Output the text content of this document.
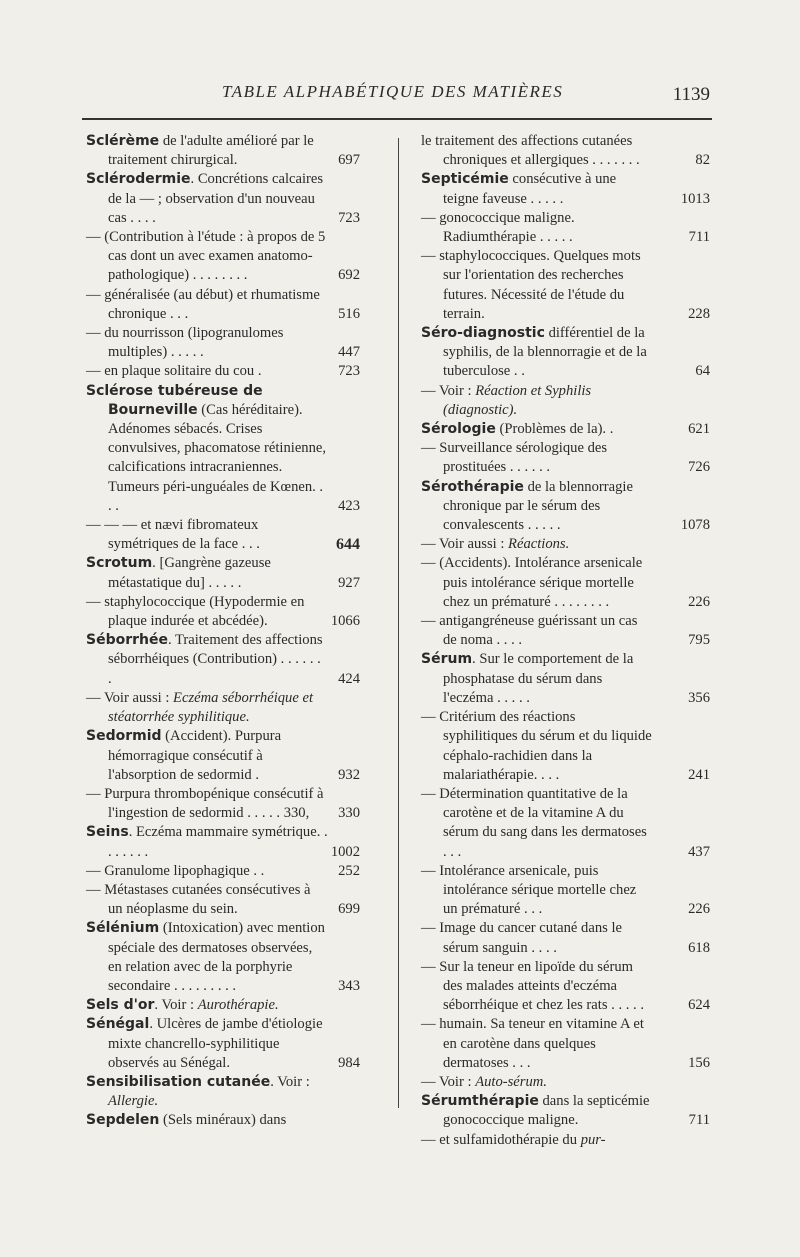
TABLE ALPHABÉTIQUE DES MATIÈRES	1139
Sclérème de l'adulte amélioré par le traitement chirurgical.	697
Sclérodermie. Concrétions calcaires de la — ; observation d'un nouveau cas . . . .	723
— (Contribution à l'étude : à propos de 5 cas dont un avec examen anatomo-pathologique) . . . . . . . .	692
— généralisée (au début) et rhumatisme chronique . . .	516
— du nourrisson (lipogranulomes multiples) . . . . .	447
— en plaque solitaire du cou .	723
Sclérose tubéreuse de Bourneville (Cas héréditaire). Adénomes sébacés. Crises convulsives, phacomatose rétinienne, calcifications intracraniennes. Tumeurs péri-unguéales de Kœnen. . . .	423
— — — et nævi fibromateux symétriques de la face . . .	644
Scrotum. [Gangrène gazeuse métastatique du] . . . . .	927
— staphylococcique (Hypodermie en plaque indurée et abcédée).	1066
Séborrhée. Traitement des affections séborrhéiques (Contribution) . . . . . . .	424
— Voir aussi : Eczéma séborrhéique et stéatorrhée syphilitique.
Sedormid (Accident). Purpura hémorragique consécutif à l'absorption de sedormid .	932
— Purpura thrombopénique consécutif à l'ingestion de sedormid . . . . . 330, 330
Seins. Eczéma mammaire symétrique. . . . . . . .	1002
— Granulome lipophagique . .	252
— Métastases cutanées consécutives à un néoplasme du sein.	699
Sélénium (Intoxication) avec mention spéciale des dermatoses observées, en relation avec de la porphyrie secondaire . . . . . . . . .	343
Sels d'or. Voir : Aurothérapie.
Sénégal. Ulcères de jambe d'étiologie mixte chancrello-syphilitique observés au Sénégal.	984
Sensibilisation cutanée. Voir : Allergie.
Sepdelen (Sels minéraux) dans
le traitement des affections cutanées chroniques et allergiques . . . . . . .	82
Septicémie consécutive à une teigne faveuse . . . . .	1013
— gonococcique maligne. Radiumthérapie . . . . .	711
— staphylococciques. Quelques mots sur l'orientation des recherches futures. Nécessité de l'étude du terrain.	228
Séro-diagnostic différentiel de la syphilis, de la blennorragie et de la tuberculose . .	64
— Voir : Réaction et Syphilis (diagnostic).
Sérologie (Problèmes de la). .	621
— Surveillance sérologique des prostituées . . . . . .	726
Sérothérapie de la blennorragie chronique par le sérum des convalescents . . . . .	1078
— Voir aussi : Réactions.
— (Accidents). Intolérance arsenicale puis intolérance sérique mortelle chez un prématuré . . . . . . . .	226
— antigangréneuse guérissant un cas de noma . . . .	795
Sérum. Sur le comportement de la phosphatase du sérum dans l'eczéma . . . . .	356
— Critérium des réactions syphilitiques du sérum et du liquide céphalo-rachidien dans la malariathérapie. . . .	241
— Détermination quantitative de la carotène et de la vitamine A du sérum du sang dans les dermatoses . . .	437
— Intolérance arsenicale, puis intolérance sérique mortelle chez un prématuré . . .	226
— Image du cancer cutané dans le sérum sanguin . . . .	618
— Sur la teneur en lipoïde du sérum des malades atteints d'eczéma séborrhéique et chez les rats . . . . .	624
— humain. Sa teneur en vitamine A et en carotène dans quelques dermatoses . . .	156
— Voir : Auto-sérum.
Sérumthérapie dans la septicémie gonococcique maligne.	711
— et sulfamidothérapie du pur-
